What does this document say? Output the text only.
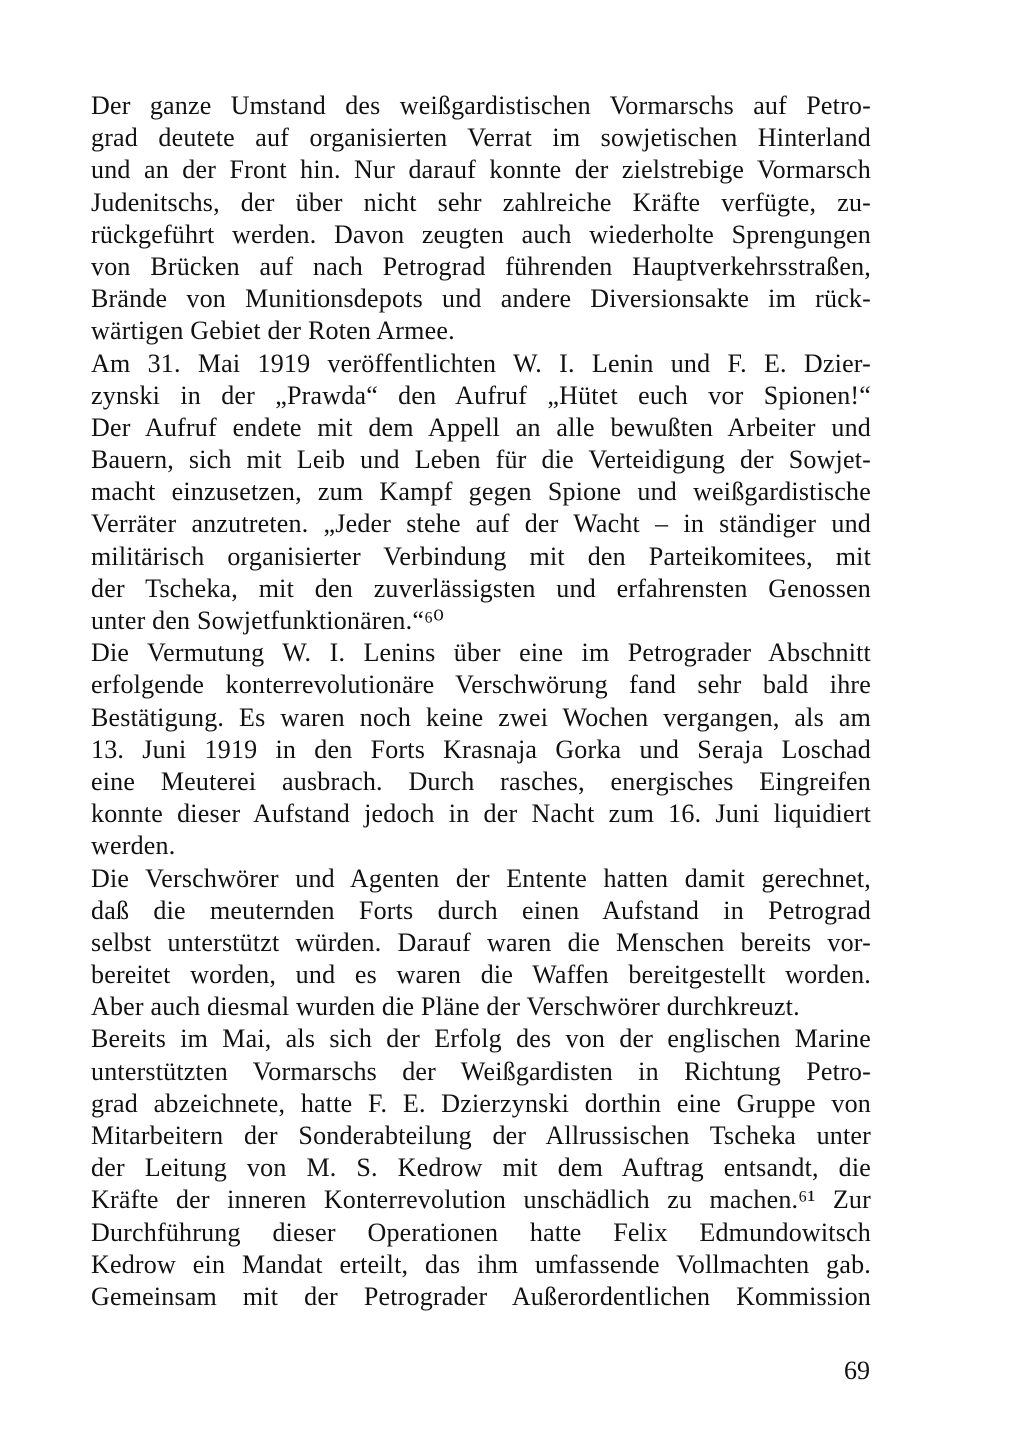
Der ganze Umstand des weißgardistischen Vormarschs auf Petro-
grad deutete auf organisierten Verrat im sowjetischen Hinterland
und an der Front hin. Nur darauf konnte der zielstrebige Vormarsch
Judenitschs, der über nicht sehr zahlreiche Kräfte verfügte, zu-
rückgeführt werden. Davon zeugten auch wiederholte Sprengungen
von Brücken auf nach Petrograd führenden Hauptverkehrsstraßen,
Brände von Munitionsdepots und andere Diversionsakte im rück-
wärtigen Gebiet der Roten Armee.
Am 31. Mai 1919 veröffentlichten W. I. Lenin und F. E. Dzier-
zynski in der „Prawda“ den Aufruf „Hütet euch vor Spionen!“
Der Aufruf endete mit dem Appell an alle bewußten Arbeiter und
Bauern, sich mit Leib und Leben für die Verteidigung der Sowjet-
macht einzusetzen, zum Kampf gegen Spione und weißgardistische
Verräter anzutreten. „Jeder stehe auf der Wacht – in ständiger und
militärisch organisierter Verbindung mit den Parteikomitees, mit
der Tscheka, mit den zuverlässigsten und erfahrensten Genossen
unter den Sowjetfunktionären.“⁶⁰
Die Vermutung W. I. Lenins über eine im Petrograder Abschnitt
erfolgende konterrevolutionäre Verschwörung fand sehr bald ihre
Bestätigung. Es waren noch keine zwei Wochen vergangen, als am
13. Juni 1919 in den Forts Krasnaja Gorka und Seraja Loschad
eine Meuterei ausbrach. Durch rasches, energisches Eingreifen
konnte dieser Aufstand jedoch in der Nacht zum 16. Juni liquidiert
werden.
Die Verschwörer und Agenten der Entente hatten damit gerechnet,
daß die meuternden Forts durch einen Aufstand in Petrograd
selbst unterstützt würden. Darauf waren die Menschen bereits vor-
bereitet worden, und es waren die Waffen bereitgestellt worden.
Aber auch diesmal wurden die Pläne der Verschwörer durchkreuzt.
Bereits im Mai, als sich der Erfolg des von der englischen Marine
unterstützten Vormarschs der Weißgardisten in Richtung Petro-
grad abzeichnete, hatte F. E. Dzierzynski dorthin eine Gruppe von
Mitarbeitern der Sonderabteilung der Allrussischen Tscheka unter
der Leitung von M. S. Kedrow mit dem Auftrag entsandt, die
Kräfte der inneren Konterrevolution unschädlich zu machen.⁶¹ Zur
Durchführung dieser Operationen hatte Felix Edmundowitsch
Kedrow ein Mandat erteilt, das ihm umfassende Vollmachten gab.
Gemeinsam mit der Petrograder Außerordentlichen Kommission
69
